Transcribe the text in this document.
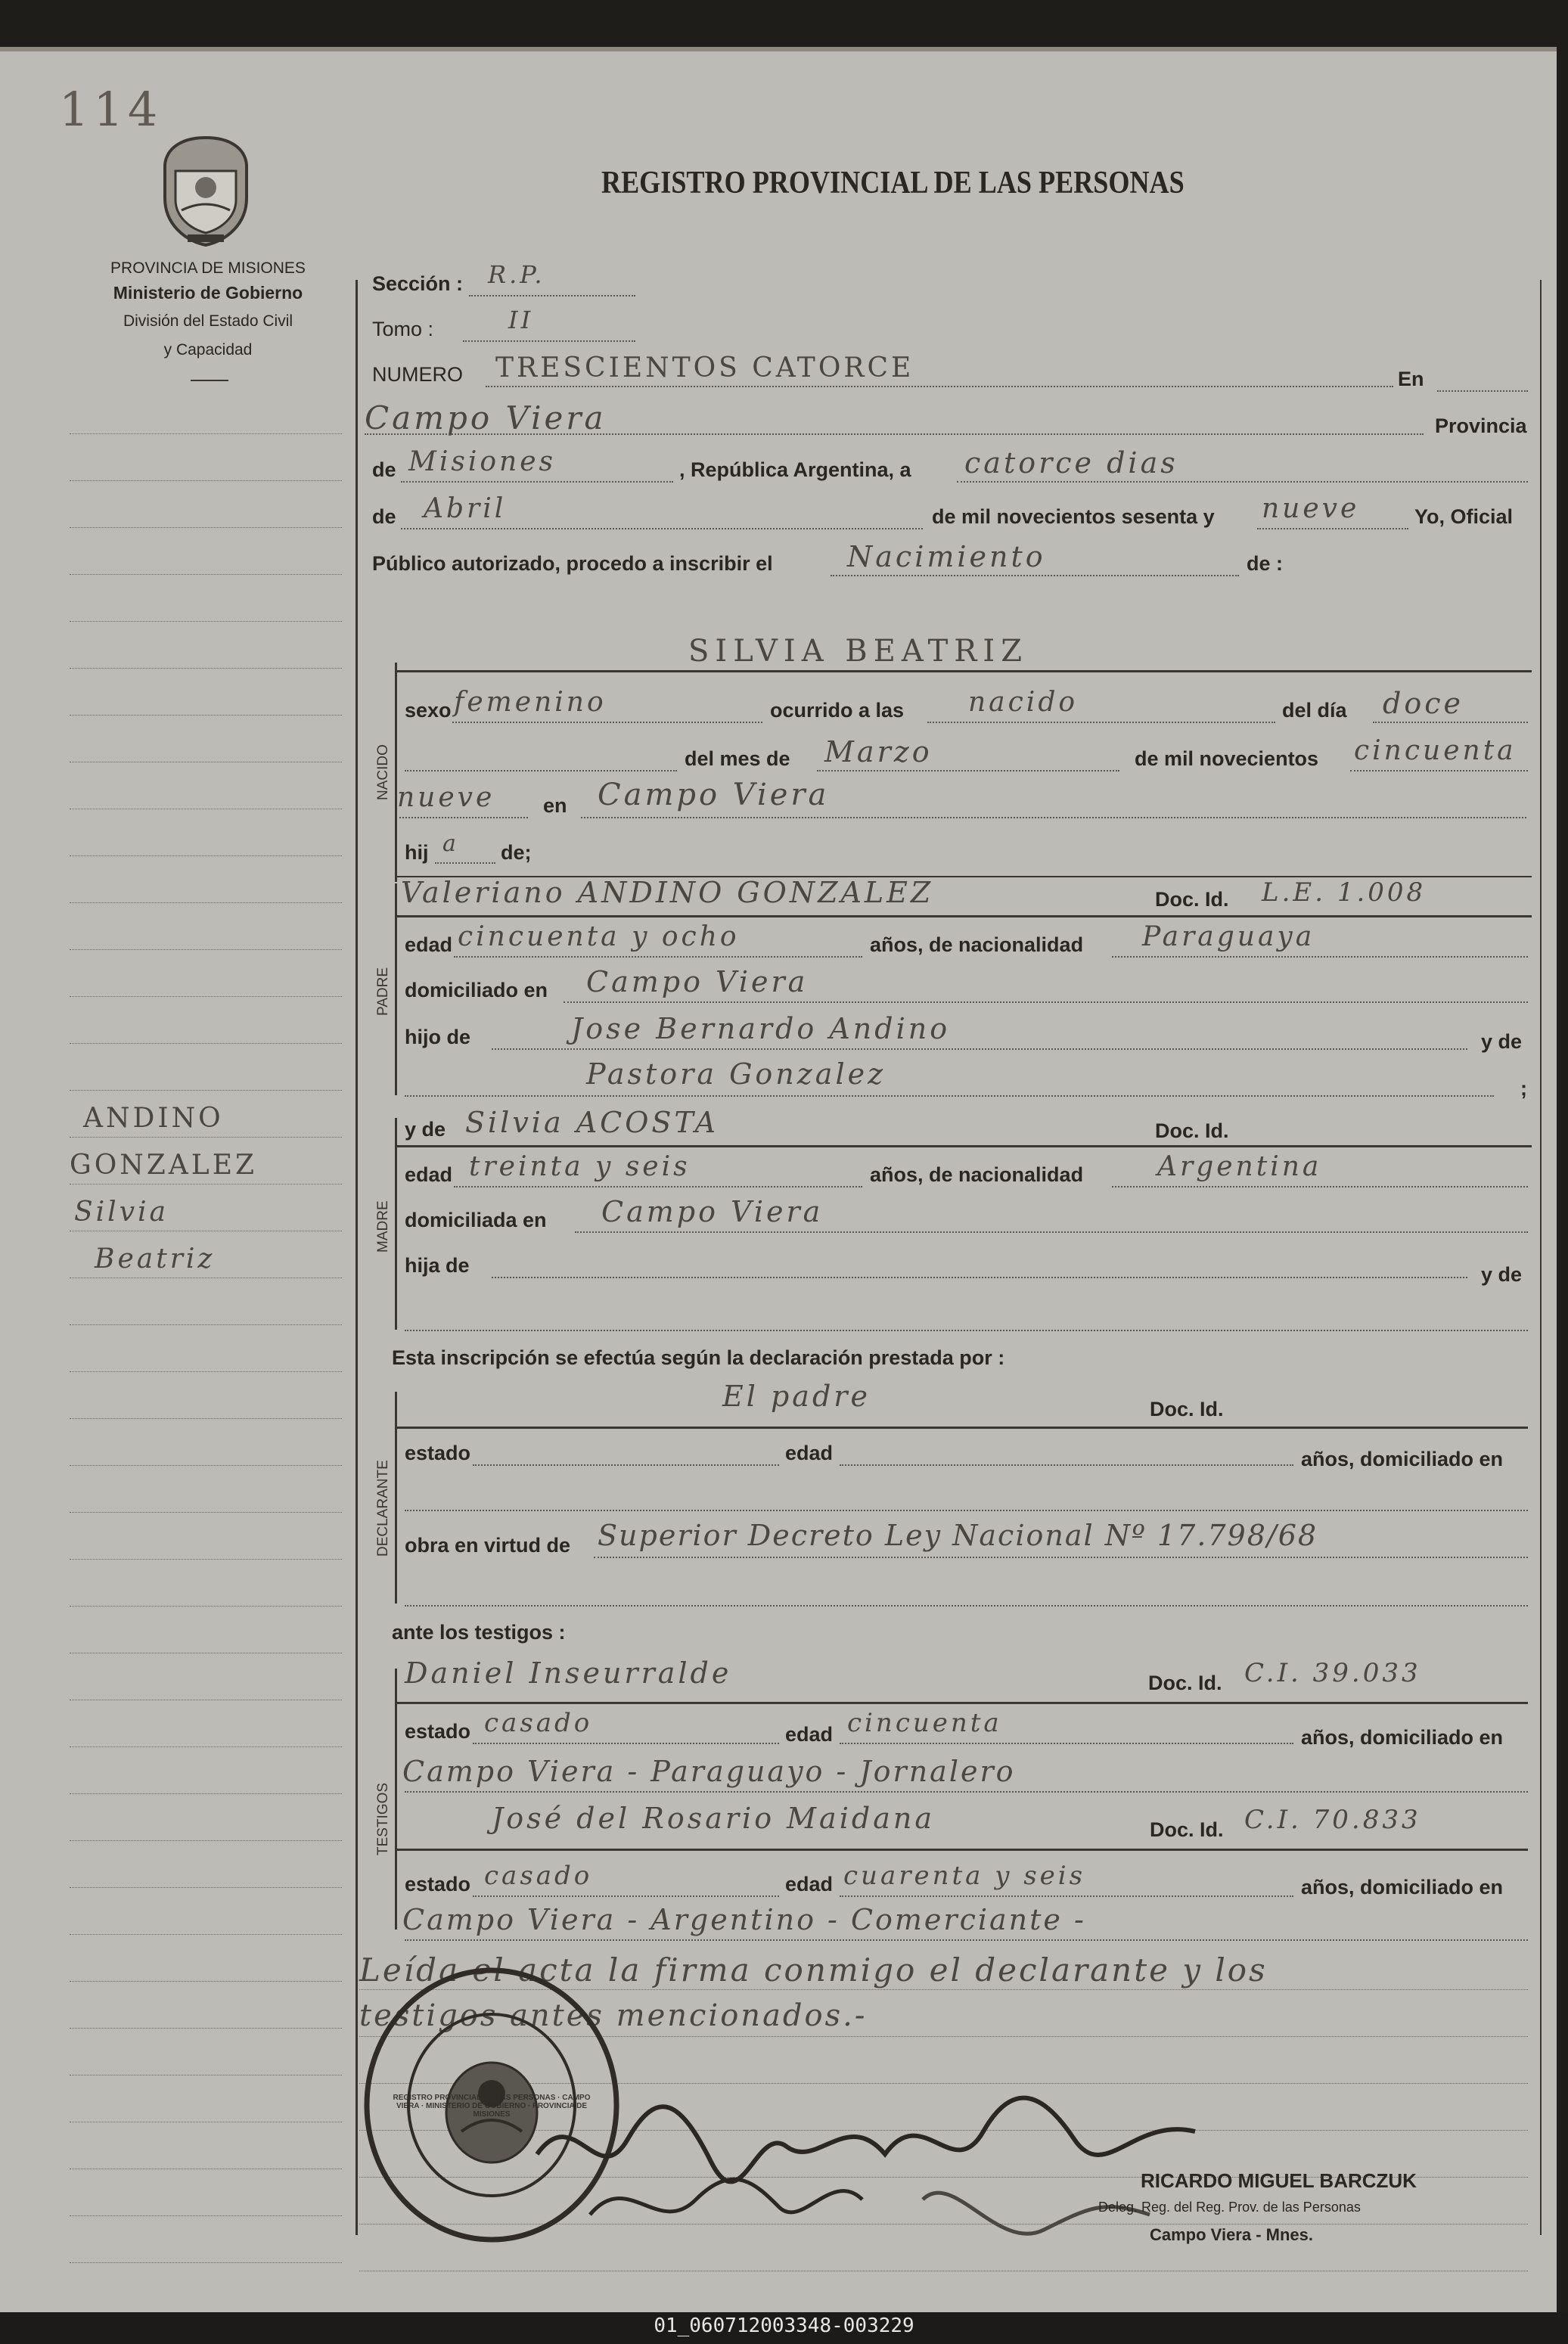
114
PROVINCIA DE MISIONES
Ministerio de Gobierno
División del Estado Civil
y Capacidad
REGISTRO PROVINCIAL DE LAS PERSONAS
ANDINO
GONZALEZ
Silvia
Beatriz
Sección : R.P.
Tomo :	II
NUMERO TRESCIENTOS CATORCE	En
Campo Viera	Provincia
de Misiones	, República Argentina, a catorce dias
de Abril	de mil novecientos sesenta y nueve	Yo, Oficial
Público autorizado, procedo a inscribir el	Nacimiento	de :
NACIDO
SILVIA BEATRIZ
sexo femenino	ocurrido a las nacido	del día doce
del mes de Marzo	de mil novecientos cincuenta
nueve en Campo Viera
hij a de;
PADRE
Valeriano ANDINO GONZALEZ	Doc. Id. L.E. 1.008
edad cincuenta y ocho	años, de nacionalidad Paraguaya
domiciliado en Campo Viera
hijo de	Jose Bernardo Andino	y de
Pastora Gonzalez	;
MADRE
y de Silvia ACOSTA	Doc. Id.
edad treinta y seis	años, de nacionalidad	Argentina
domiciliada en Campo Viera
hija de	y de
Esta inscripción se efectúa según la declaración prestada por :
DECLARANTE
El padre	Doc. Id.
estado	edad	años, domiciliado en
obra en virtud de Superior Decreto Ley Nacional Nº 17.798/68
ante los testigos :
TESTIGOS
Daniel Inseurralde	Doc. Id. C.I. 39.033
estado casado	edad cincuenta	años, domiciliado en
Campo Viera - Paraguayo - Jornalero
José del Rosario Maidana	Doc. Id. C.I. 70.833
estado casado	edad cuarenta y seis	años, domiciliado en
Campo Viera - Argentino - Comerciante -
Leída el acta la firma conmigo el declarante y los
testigos antes mencionados.-
REGISTRO PROVINCIAL DE LAS PERSONAS · CAMPO VIERA · MINISTERIO DE GOBIERNO · PROVINCIA DE MISIONES
RICARDO MIGUEL BARCZUK
Deleg. Reg. del Reg. Prov. de las Personas
Campo Viera - Mnes.
01_060712003348-003229
